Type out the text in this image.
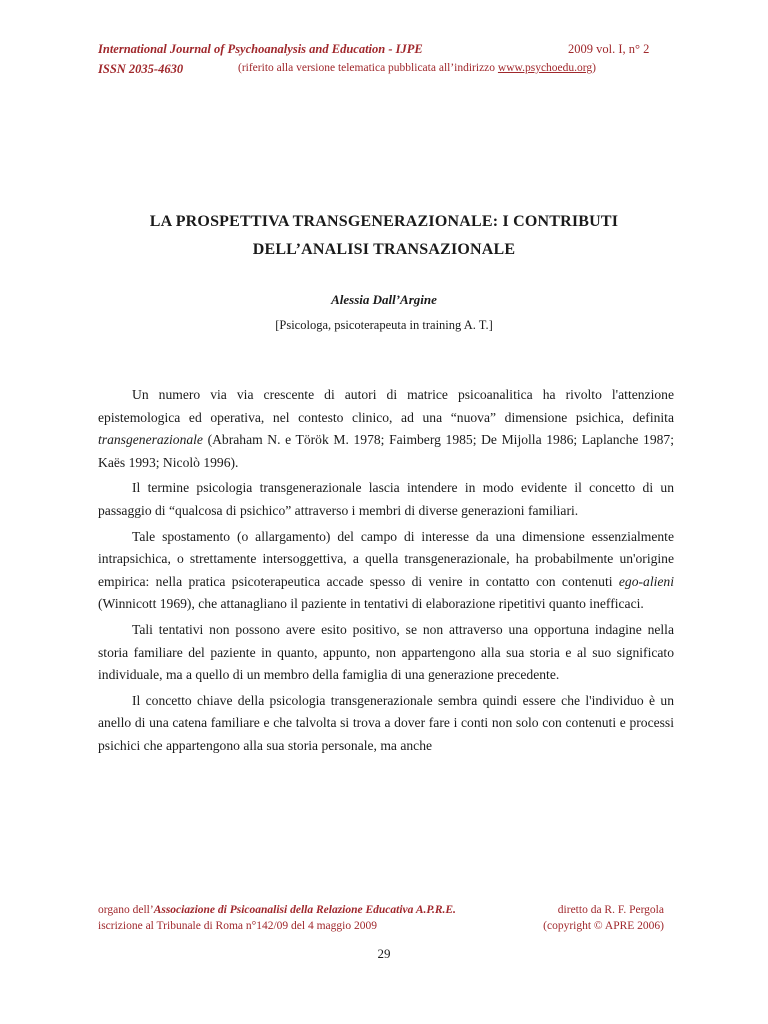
International Journal of Psychoanalysis and Education - IJPE	2009 vol. I, n° 2
ISSN 2035-4630	(riferito alla versione telematica pubblicata all’indirizzo www.psychoedu.org)
LA PROSPETTIVA TRANSGENERAZIONALE: I CONTRIBUTI
DELL’ANALISI TRANSAZIONALE
Alessia Dall’Argine
[Psicologa, psicoterapeuta in training A. T.]

Un numero via via crescente di autori di matrice psicoanalitica ha rivolto l'attenzione epistemologica ed operativa, nel contesto clinico, ad una “nuova” dimensione psichica, definita transgenerazionale (Abraham N. e Török M. 1978; Faimberg 1985; De Mijolla 1986; Laplanche 1987; Kaës 1993; Nicolò 1996).

Il termine psicologia transgenerazionale lascia intendere in modo evidente il concetto di un passaggio di “qualcosa di psichico” attraverso i membri di diverse generazioni familiari.

Tale spostamento (o allargamento) del campo di interesse da una dimensione essenzialmente intrapsichica, o strettamente intersoggettiva, a quella transgenerazionale, ha probabilmente un'origine empirica: nella pratica psicoterapeutica accade spesso di venire in contatto con contenuti ego-alieni (Winnicott 1969), che attanagliano il paziente in tentativi di elaborazione ripetitivi quanto inefficaci.

Tali tentativi non possono avere esito positivo, se non attraverso una opportuna indagine nella storia familiare del paziente in quanto, appunto, non appartengono alla sua storia e al suo significato individuale, ma a quello di un membro della famiglia di una generazione precedente.

Il concetto chiave della psicologia transgenerazionale sembra quindi essere che l'individuo è un anello di una catena familiare e che talvolta si trova a dover fare i conti non solo con contenuti e processi psichici che appartengono alla sua storia personale, ma anche

organo dell’Associazione di Psicoanalisi della Relazione Educativa A.P.R.E.	diretto da R. F. Pergola
iscrizione al Tribunale di Roma n°142/09 del 4 maggio 2009	(copyright © APRE 2006)
29
